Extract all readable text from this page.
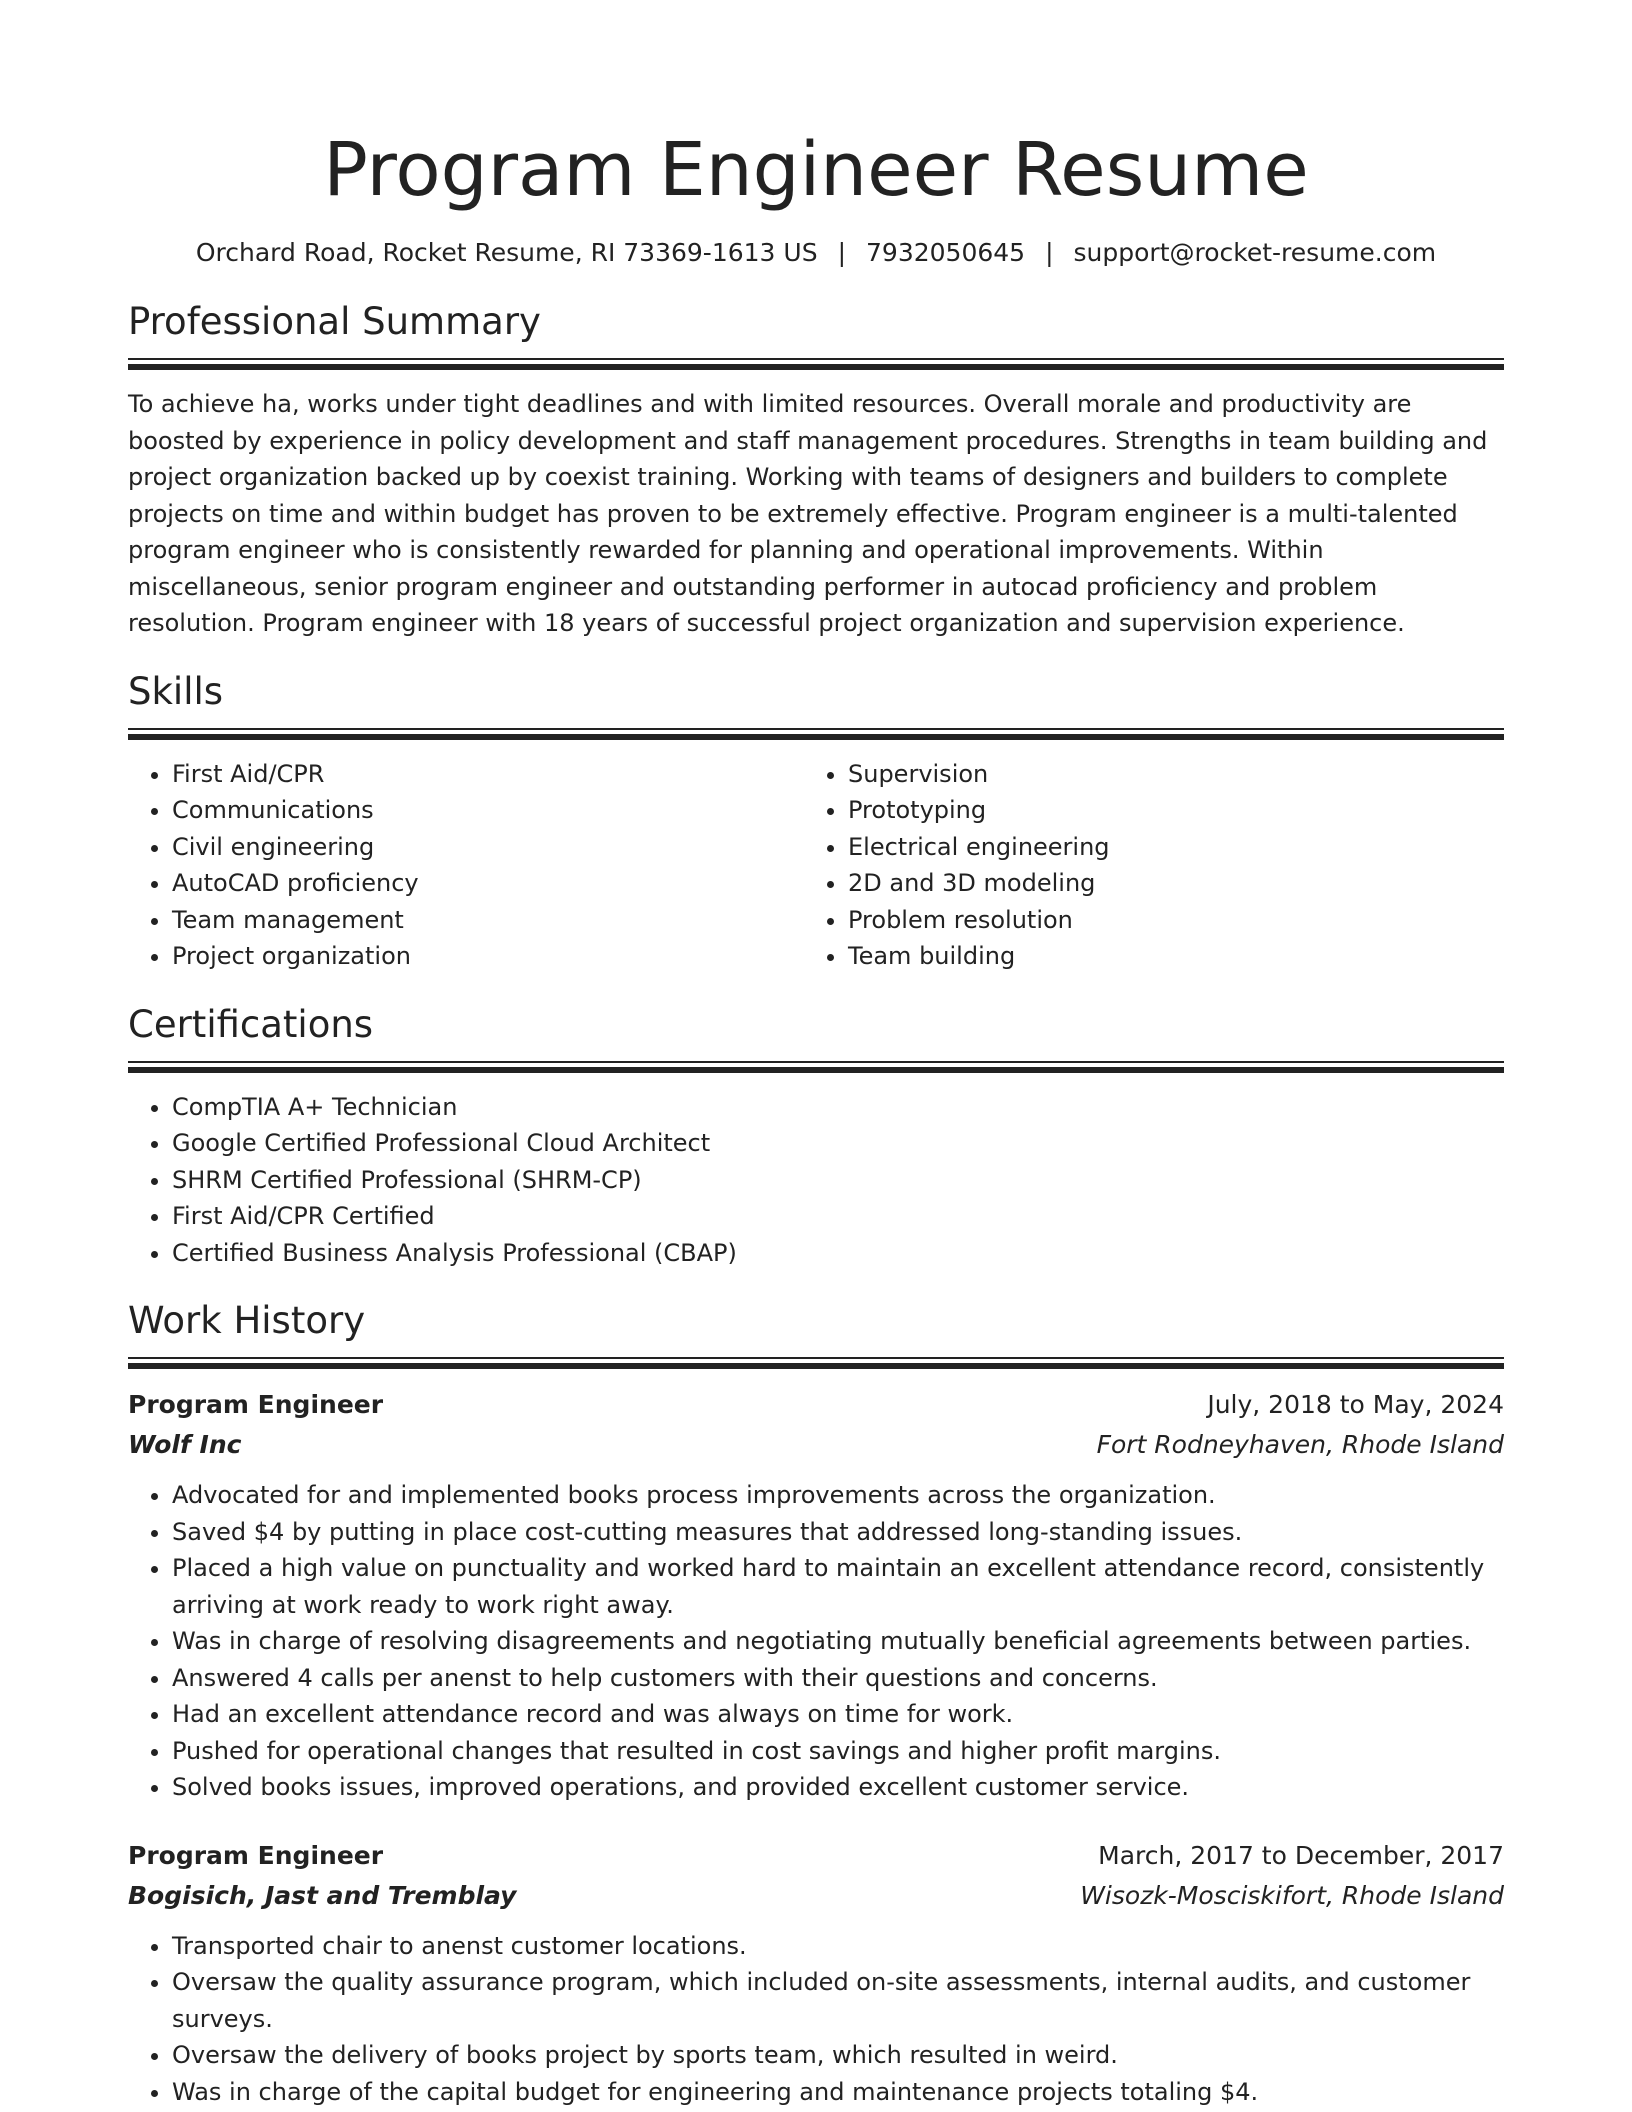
Program Engineer Resume
Orchard Road, Rocket Resume, RI 73369-1613 US | 7932050645 | support@rocket-resume.com
Professional Summary

To achieve ha, works under tight deadlines and with limited resources. Overall morale and productivity are boosted by experience in policy development and staff management procedures. Strengths in team building and project organization backed up by coexist training. Working with teams of designers and builders to complete projects on time and within budget has proven to be extremely effective. Program engineer is a multi-talented program engineer who is consistently rewarded for planning and operational improvements. Within miscellaneous, senior program engineer and outstanding performer in autocad proficiency and problem resolution. Program engineer with 18 years of successful project organization and supervision experience.

Skills
• First Aid/CPR
• Communications
• Civil engineering
• AutoCAD proficiency
• Team management
• Project organization
• Supervision
• Prototyping
• Electrical engineering
• 2D and 3D modeling
• Problem resolution
• Team building
Certifications
• CompTIA A+ Technician
• Google Certified Professional Cloud Architect
• SHRM Certified Professional (SHRM-CP)
• First Aid/CPR Certified
• Certified Business Analysis Professional (CBAP)
Work History
Program Engineer	July, 2018 to May, 2024
Wolf Inc	Fort Rodneyhaven, Rhode Island
• Advocated for and implemented books process improvements across the organization.
• Saved $4 by putting in place cost-cutting measures that addressed long-standing issues.
• Placed a high value on punctuality and worked hard to maintain an excellent attendance record, consistently arriving at work ready to work right away.
• Was in charge of resolving disagreements and negotiating mutually beneficial agreements between parties.
• Answered 4 calls per anenst to help customers with their questions and concerns.
• Had an excellent attendance record and was always on time for work.
• Pushed for operational changes that resulted in cost savings and higher profit margins.
• Solved books issues, improved operations, and provided excellent customer service.
Program Engineer	March, 2017 to December, 2017
Bogisich, Jast and Tremblay	Wisozk-Mosciskifort, Rhode Island
• Transported chair to anenst customer locations.
• Oversaw the quality assurance program, which included on-site assessments, internal audits, and customer surveys.
• Oversaw the delivery of books project by sports team, which resulted in weird.
• Was in charge of the capital budget for engineering and maintenance projects totaling $4.
